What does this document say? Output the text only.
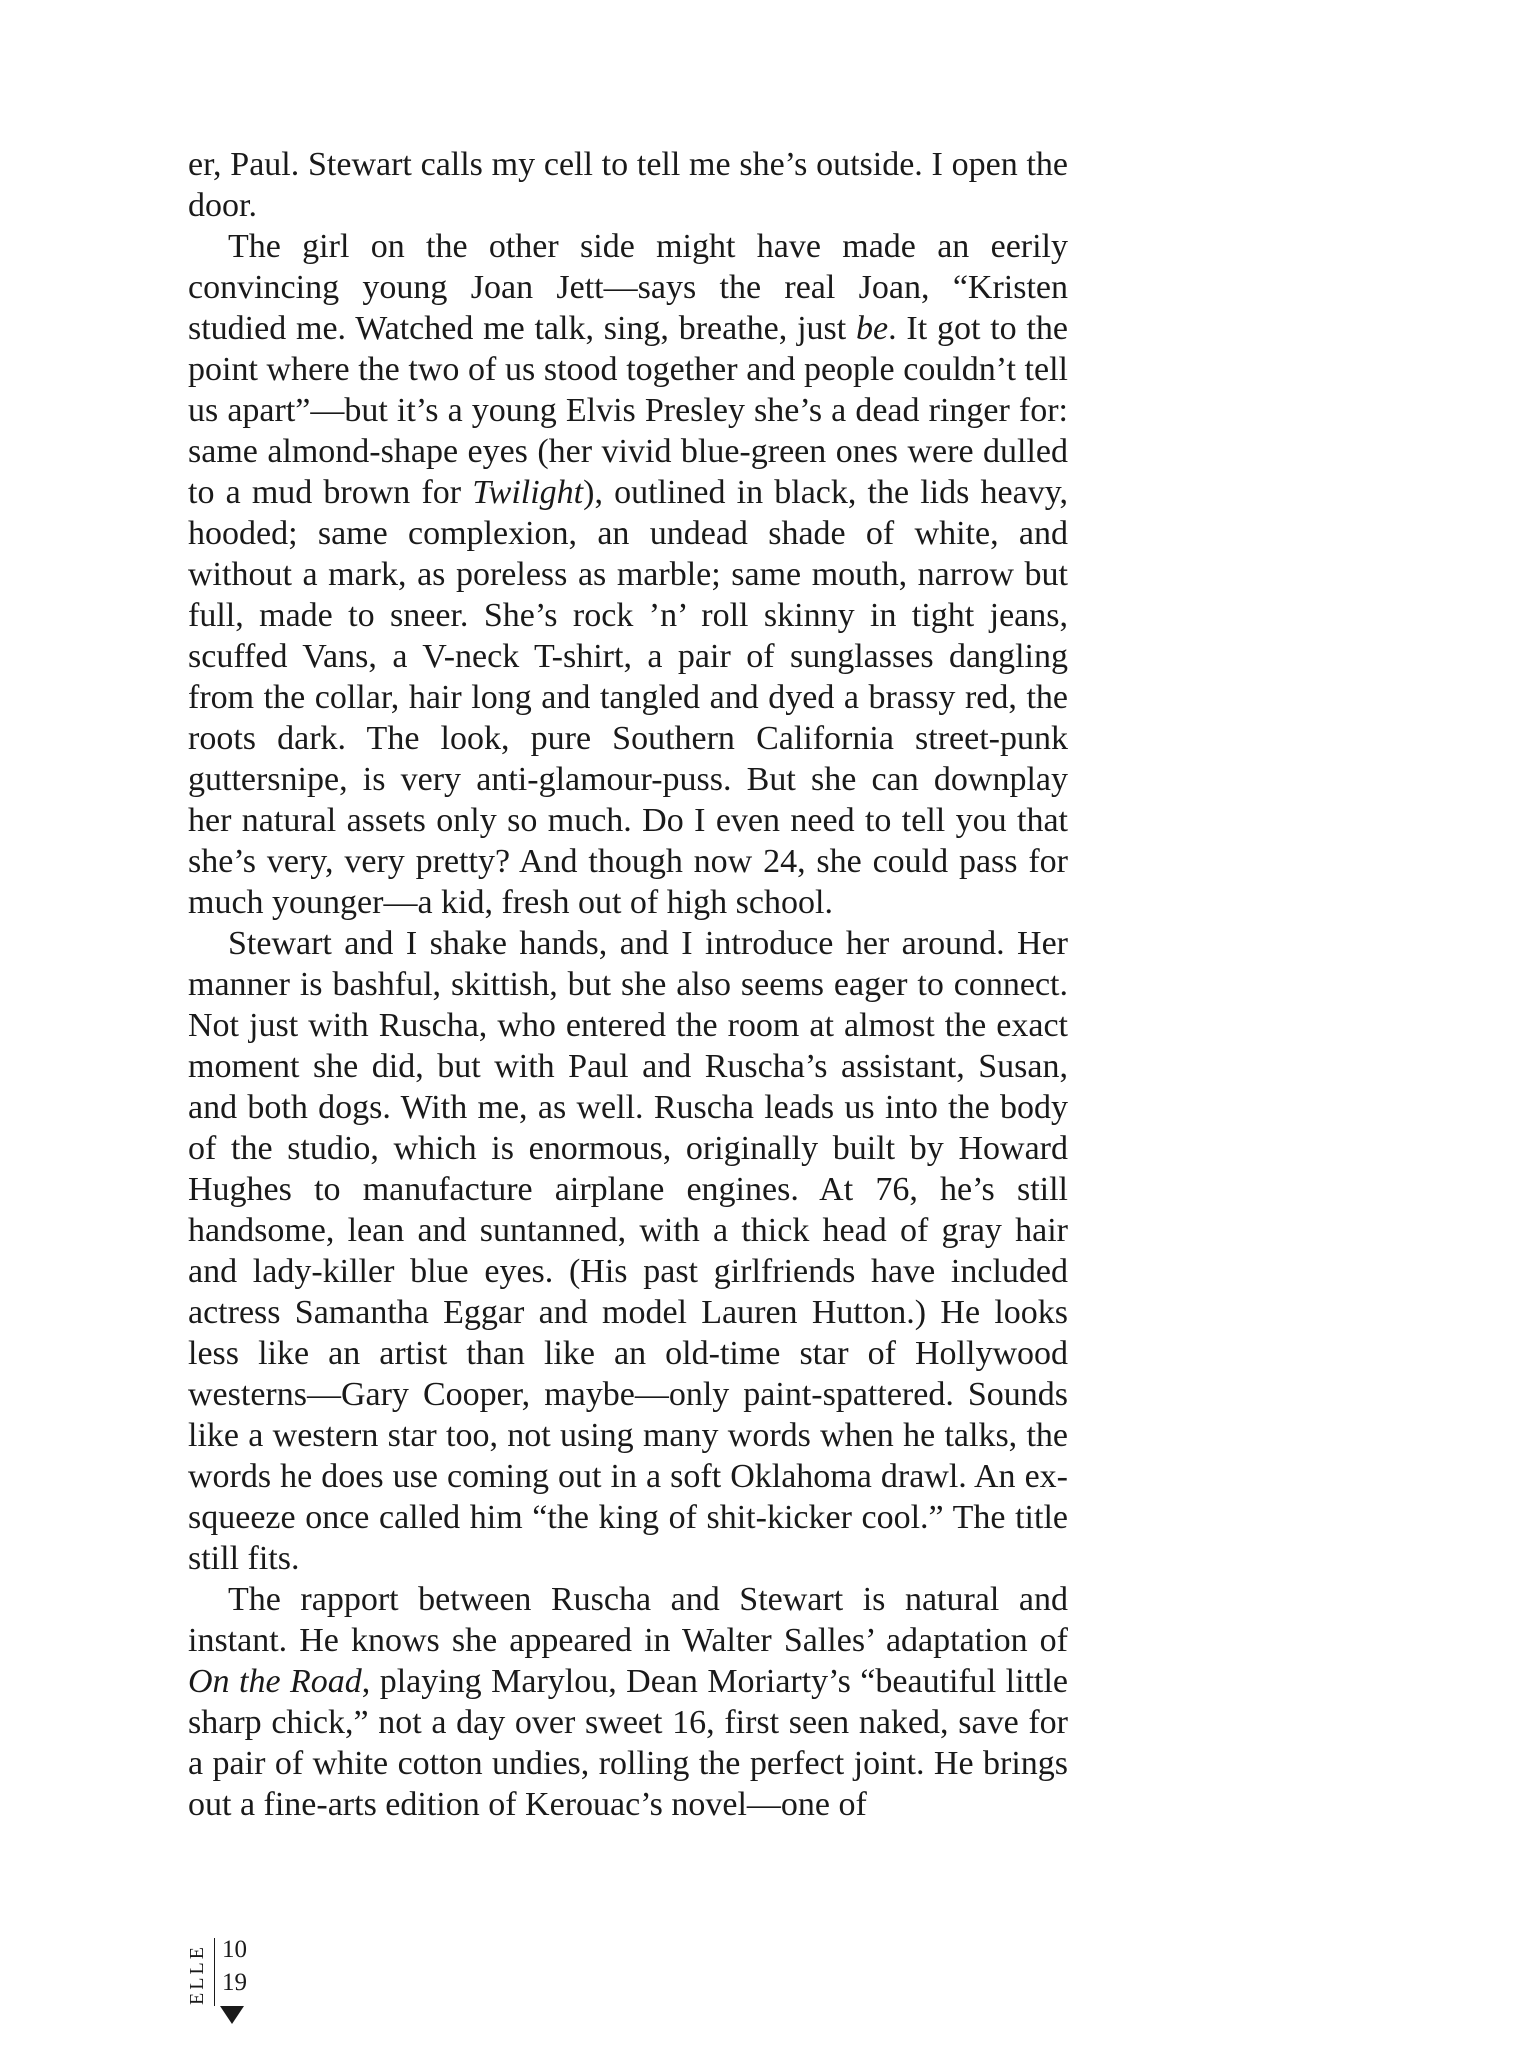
er, Paul. Stewart calls my cell to tell me she’s outside. I open the door.

The girl on the other side might have made an eerily convincing young Joan Jett—says the real Joan, “Kristen studied me. Watched me talk, sing, breathe, just be. It got to the point where the two of us stood together and people couldn’t tell us apart”—but it’s a young Elvis Presley she’s a dead ringer for: same almond-shape eyes (her vivid blue-green ones were dulled to a mud brown for Twilight), outlined in black, the lids heavy, hooded; same complexion, an undead shade of white, and without a mark, as poreless as marble; same mouth, narrow but full, made to sneer. She’s rock ’n’ roll skinny in tight jeans, scuffed Vans, a V-neck T-shirt, a pair of sunglasses dangling from the collar, hair long and tangled and dyed a brassy red, the roots dark. The look, pure Southern California street-punk guttersnipe, is very anti-glamour-puss. But she can downplay her natural assets only so much. Do I even need to tell you that she’s very, very pretty? And though now 24, she could pass for much younger—a kid, fresh out of high school.

Stewart and I shake hands, and I introduce her around. Her manner is bashful, skittish, but she also seems eager to connect. Not just with Ruscha, who entered the room at almost the exact moment she did, but with Paul and Ruscha’s assistant, Susan, and both dogs. With me, as well. Ruscha leads us into the body of the studio, which is enormous, originally built by Howard Hughes to manufacture airplane engines. At 76, he’s still handsome, lean and suntanned, with a thick head of gray hair and lady-killer blue eyes. (His past girlfriends have included actress Samantha Eggar and model Lauren Hutton.) He looks less like an artist than like an old-time star of Hollywood westerns—Gary Cooper, maybe—only paint-spattered. Sounds like a western star too, not using many words when he talks, the words he does use coming out in a soft Oklahoma drawl. An ex-squeeze once called him “the king of shit-kicker cool.” The title still fits.

The rapport between Ruscha and Stewart is natural and instant. He knows she appeared in Walter Salles’ adaptation of On the Road, playing Marylou, Dean Moriarty’s “beautiful little sharp chick,” not a day over sweet 16, first seen naked, save for a pair of white cotton undies, rolling the perfect joint. He brings out a fine-arts edition of Kerouac’s novel—one of

ELLE 10
19
